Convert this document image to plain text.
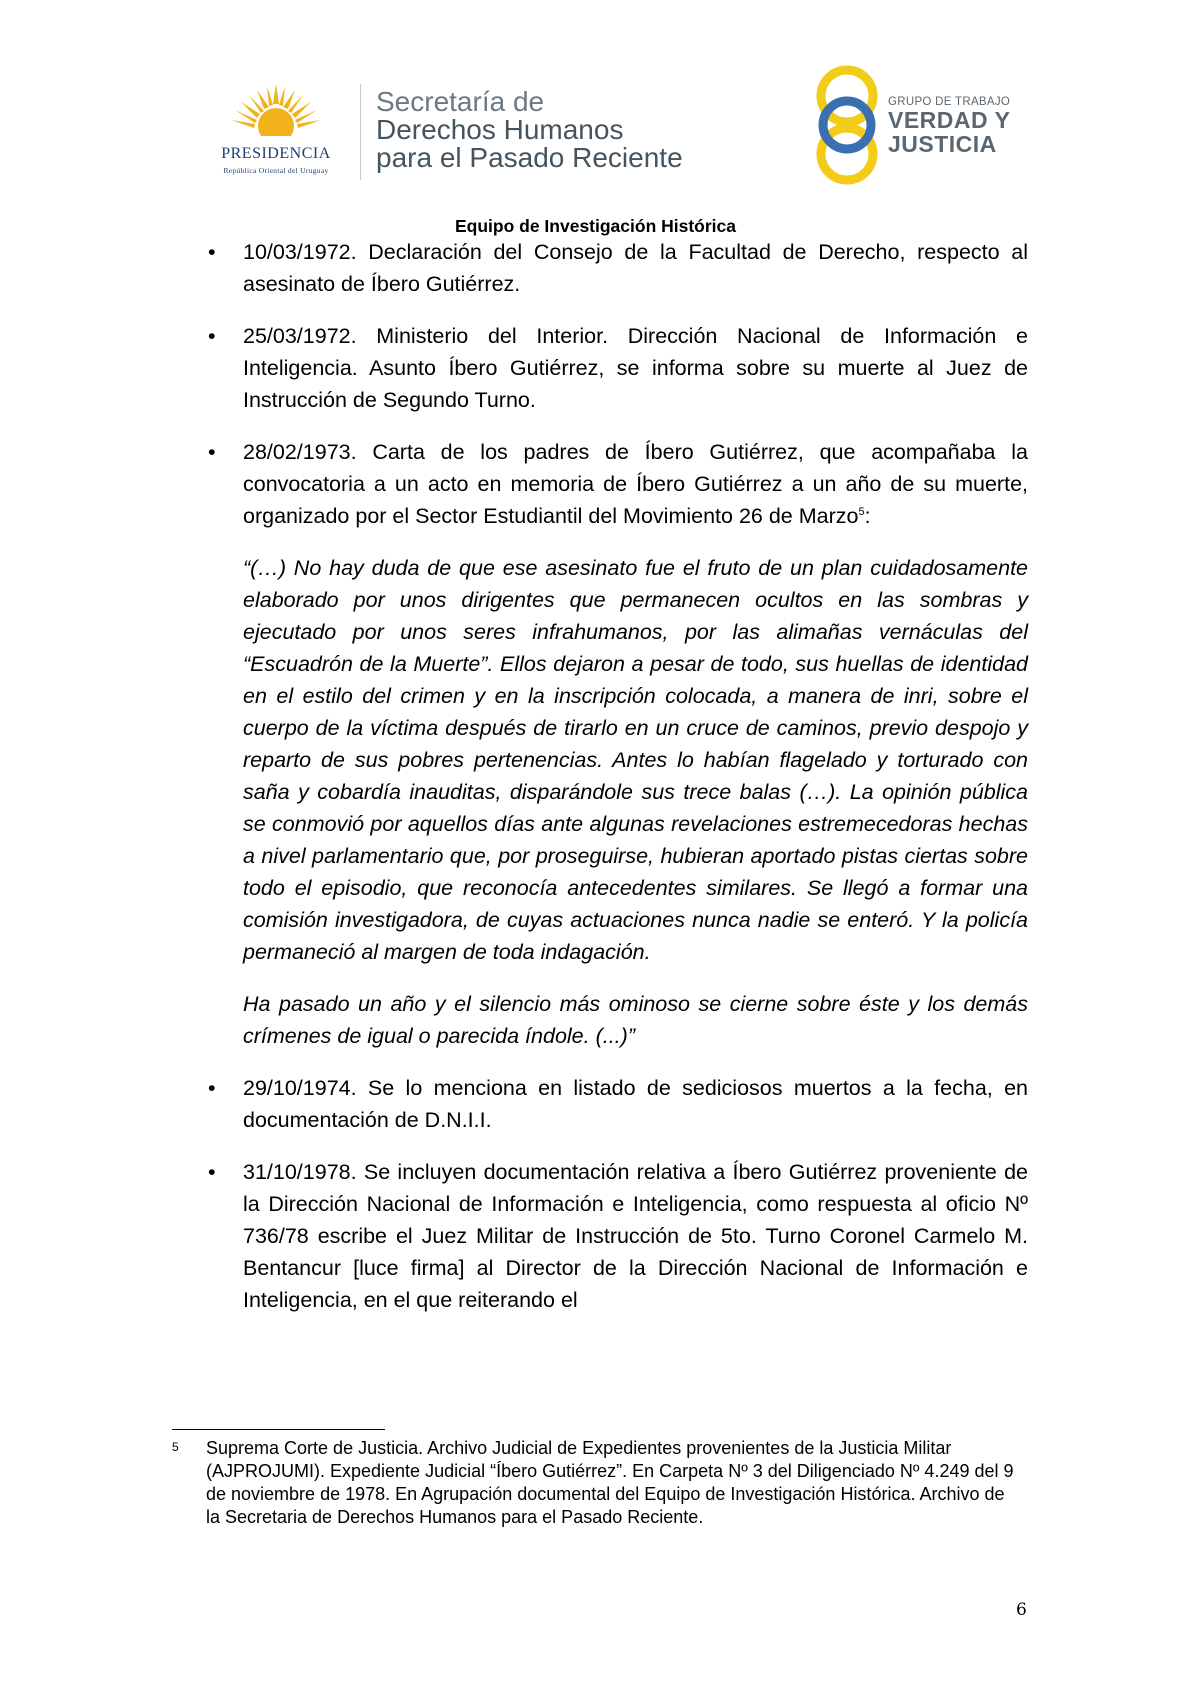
PRESIDENCIA
República Oriental del Uruguay
Secretaría de
Derechos Humanos
para el Pasado Reciente
GRUPO DE TRABAJO
VERDAD Y
JUSTICIA
Equipo de Investigación Histórica
• 10/03/1972. Declaración del Consejo de la Facultad de Derecho, respecto al asesinato de Íbero Gutiérrez.
• 25/03/1972. Ministerio del Interior. Dirección Nacional de Información e Inteligencia. Asunto Íbero Gutiérrez, se informa sobre su muerte al Juez de Instrucción de Segundo Turno.
• 28/02/1973. Carta de los padres de Íbero Gutiérrez, que acompañaba la convocatoria a un acto en memoria de Íbero Gutiérrez a un año de su muerte, organizado por el Sector Estudiantil del Movimiento 26 de Marzo$^5$:
“(…) No hay duda de que ese asesinato fue el fruto de un plan cuidadosamente elaborado por unos dirigentes que permanecen ocultos en las sombras y ejecutado por unos seres infrahumanos, por las alimañas vernáculas del “Escuadrón de la Muerte”. Ellos dejaron a pesar de todo, sus huellas de identidad en el estilo del crimen y en la inscripción colocada, a manera de inri, sobre el cuerpo de la víctima después de tirarlo en un cruce de caminos, previo despojo y reparto de sus pobres pertenencias. Antes lo habían flagelado y torturado con saña y cobardía inauditas, disparándole sus trece balas (…). La opinión pública se conmovió por aquellos días ante algunas revelaciones estremecedoras hechas a nivel parlamentario que, por proseguirse, hubieran aportado pistas ciertas sobre todo el episodio, que reconocía antecedentes similares. Se llegó a formar una comisión investigadora, de cuyas actuaciones nunca nadie se enteró. Y la policía permaneció al margen de toda indagación.
Ha pasado un año y el silencio más ominoso se cierne sobre éste y los demás crímenes de igual o parecida índole. (...)”
• 29/10/1974. Se lo menciona en listado de sediciosos muertos a la fecha, en documentación de D.N.I.I.
• 31/10/1978. Se incluyen documentación relativa a Íbero Gutiérrez proveniente de la Dirección Nacional de Información e Inteligencia, como respuesta al oficio Nº 736/78 escribe el Juez Militar de Instrucción de 5to. Turno Coronel Carmelo M. Bentancur [luce firma] al Director de la Dirección Nacional de Información e Inteligencia, en el que reiterando el
5 Suprema Corte de Justicia. Archivo Judicial de Expedientes provenientes de la Justicia Militar (AJPROJUMI). Expediente Judicial “Íbero Gutiérrez”. En Carpeta Nº 3 del Diligenciado Nº 4.249 del 9 de noviembre de 1978. En Agrupación documental del Equipo de Investigación Histórica. Archivo de la Secretaria de Derechos Humanos para el Pasado Reciente.
6
